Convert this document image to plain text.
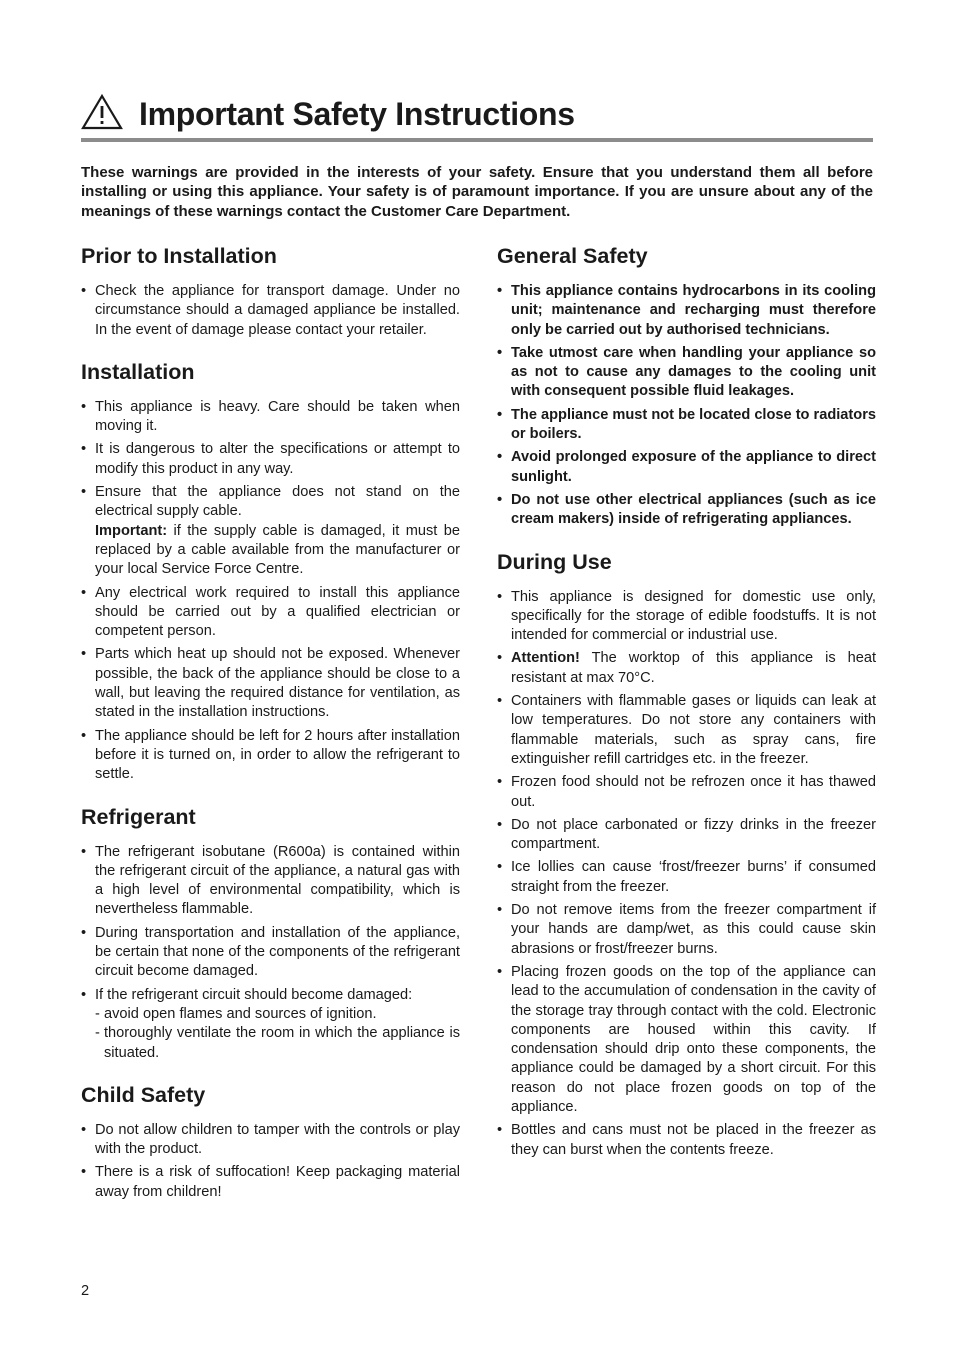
Important Safety Instructions

These warnings are provided in the interests of your safety. Ensure that you understand them all before installing or using this appliance. Your safety is of paramount importance. If you are unsure about any of the meanings of these warnings contact the Customer Care Department.

Prior to Installation
• Check the appliance for transport damage. Under no circumstance should a damaged appliance be installed. In the event of damage please contact your retailer.
Installation
• This appliance is heavy. Care should be taken when moving it.
• It is dangerous to alter the specifications or attempt to modify this product in any way.
• Ensure that the appliance does not stand on the electrical supply cable.
Important: if the supply cable is damaged, it must be replaced by a cable available from the manufacturer or your local Service Force Centre.
• Any electrical work required to install this appliance should be carried out by a qualified electrician or competent person.
• Parts which heat up should not be exposed. Whenever possible, the back of the appliance should be close to a wall, but leaving the required distance for ventilation, as stated in the installation instructions.
• The appliance should be left for 2 hours after installation before it is turned on, in order to allow the refrigerant to settle.
Refrigerant
• The refrigerant isobutane (R600a) is contained within the refrigerant circuit of the appliance, a natural gas with a high level of environmental compatibility, which is nevertheless flammable.
• During transportation and installation of the appliance, be certain that none of the components of the refrigerant circuit become damaged.
• If the refrigerant circuit should become damaged:
- avoid open flames and sources of ignition.
- thoroughly ventilate the room in which the appliance is situated.
Child Safety
• Do not allow children to tamper with the controls or play with the product.
• There is a risk of suffocation! Keep packaging material away from children!
General Safety
• This appliance contains hydrocarbons in its cooling unit; maintenance and recharging must therefore only be carried out by authorised technicians.
• Take utmost care when handling your appliance so as not to cause any damages to the cooling unit with consequent possible fluid leakages.
• The appliance must not be located close to radiators or boilers.
• Avoid prolonged exposure of the appliance to direct sunlight.
• Do not use other electrical appliances (such as ice cream makers) inside of refrigerating appliances.
During Use
• This appliance is designed for domestic use only, specifically for the storage of edible foodstuffs. It is not intended for commercial or industrial use.
• Attention! The worktop of this appliance is heat resistant at max 70°C.
• Containers with flammable gases or liquids can leak at low temperatures. Do not store any containers with flammable materials, such as spray cans, fire extinguisher refill cartridges etc. in the freezer.
• Frozen food should not be refrozen once it has thawed out.
• Do not place carbonated or fizzy drinks in the freezer compartment.
• Ice lollies can cause ‘frost/freezer burns’ if consumed straight from the freezer.
• Do not remove items from the freezer compartment if your hands are damp/wet, as this could cause skin abrasions or frost/freezer burns.
• Placing frozen goods on the top of the appliance can lead to the accumulation of condensation in the cavity of the storage tray through contact with the cold. Electronic components are housed within this cavity. If condensation should drip onto these components, the appliance could be damaged by a short circuit. For this reason do not place frozen goods on top of the appliance.
• Bottles and cans must not be placed in the freezer as they can burst when the contents freeze.
2
